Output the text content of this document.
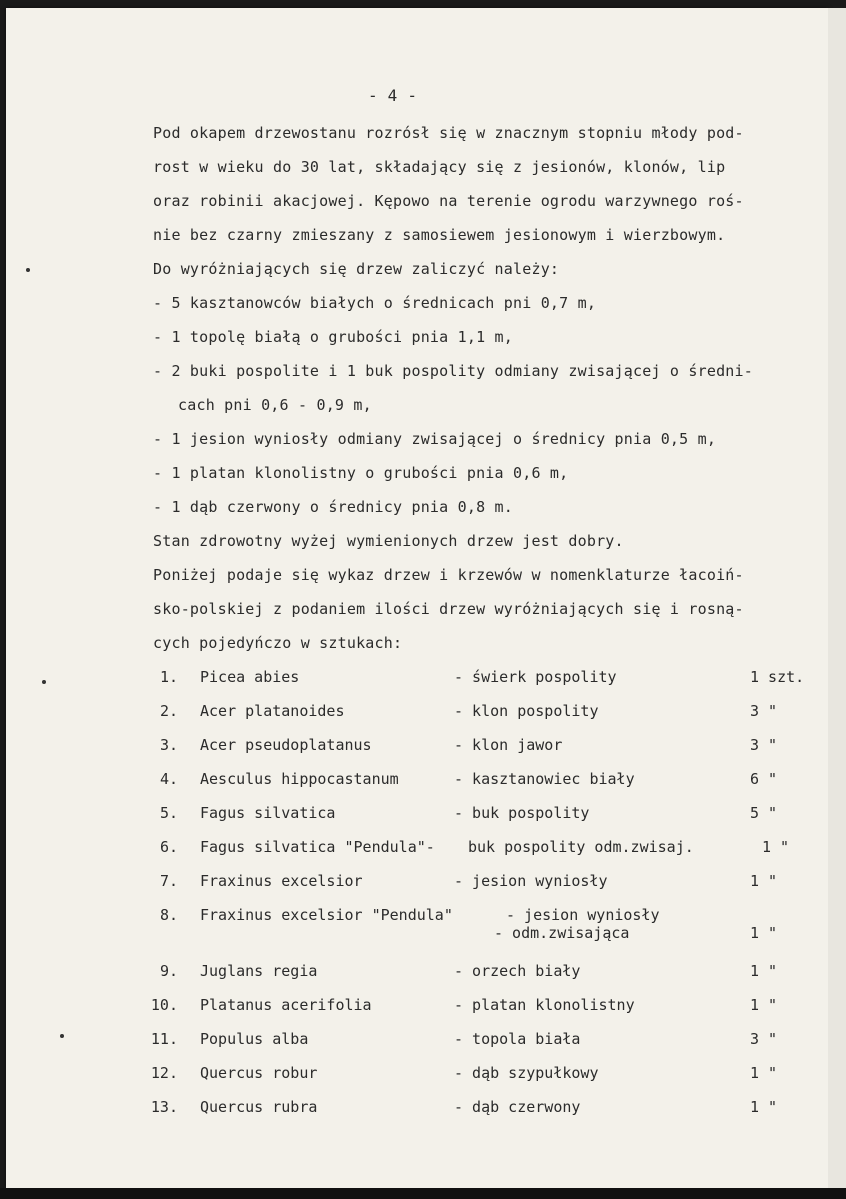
- 4 -
Pod okapem drzewostanu rozrósł się w znacznym stopniu młody pod-
rost w wieku do 30 lat, składający się z jesionów, klonów, lip
oraz robinii akacjowej. Kępowo na terenie ogrodu warzywnego roś-
nie bez czarny zmieszany z samosiewem jesionowym i wierzbowym.
Do wyróżniających się drzew zaliczyć należy:
- 5 kasztanowców białych o średnicach pni 0,7 m,
- 1 topolę białą o grubości pnia 1,1 m,
- 2 buki pospolite i 1 buk pospolity odmiany zwisającej o średni-
cach pni 0,6 - 0,9 m,
- 1 jesion wyniosły odmiany zwisającej o średnicy pnia 0,5 m,
- 1 platan klonolistny o grubości pnia 0,6 m,
- 1 dąb czerwony o średnicy pnia 0,8 m.
Stan zdrowotny wyżej wymienionych drzew jest dobry.
Poniżej podaje się wykaz drzew i krzewów w nomenklaturze łacoiń-
sko-polskiej z podaniem ilości drzew wyróżniających się i rosną-
cych pojedyńczo w sztukach:
1. Picea abies	- świerk pospolity	1 szt.
2. Acer platanoides	- klon pospolity	3 "
3. Acer pseudoplatanus	- klon jawor	3 "
4. Aesculus hippocastanum	- kasztanowiec biały	6 "
5. Fagus silvatica	- buk pospolity	5 "
6. Fagus silvatica "Pendula"- buk pospolity odm.zwisaj.	1 "
7. Fraxinus excelsior	- jesion wyniosły	1 "
8. Fraxinus excelsior "Pendula"	- jesion wyniosły
- odm.zwisająca	1 "
9. Juglans regia	- orzech biały	1 "
10. Platanus acerifolia	- platan klonolistny	1 "
11. Populus alba	- topola biała	3 "
12. Quercus robur	- dąb szypułkowy	1 "
13. Quercus rubra	- dąb czerwony	1 "
